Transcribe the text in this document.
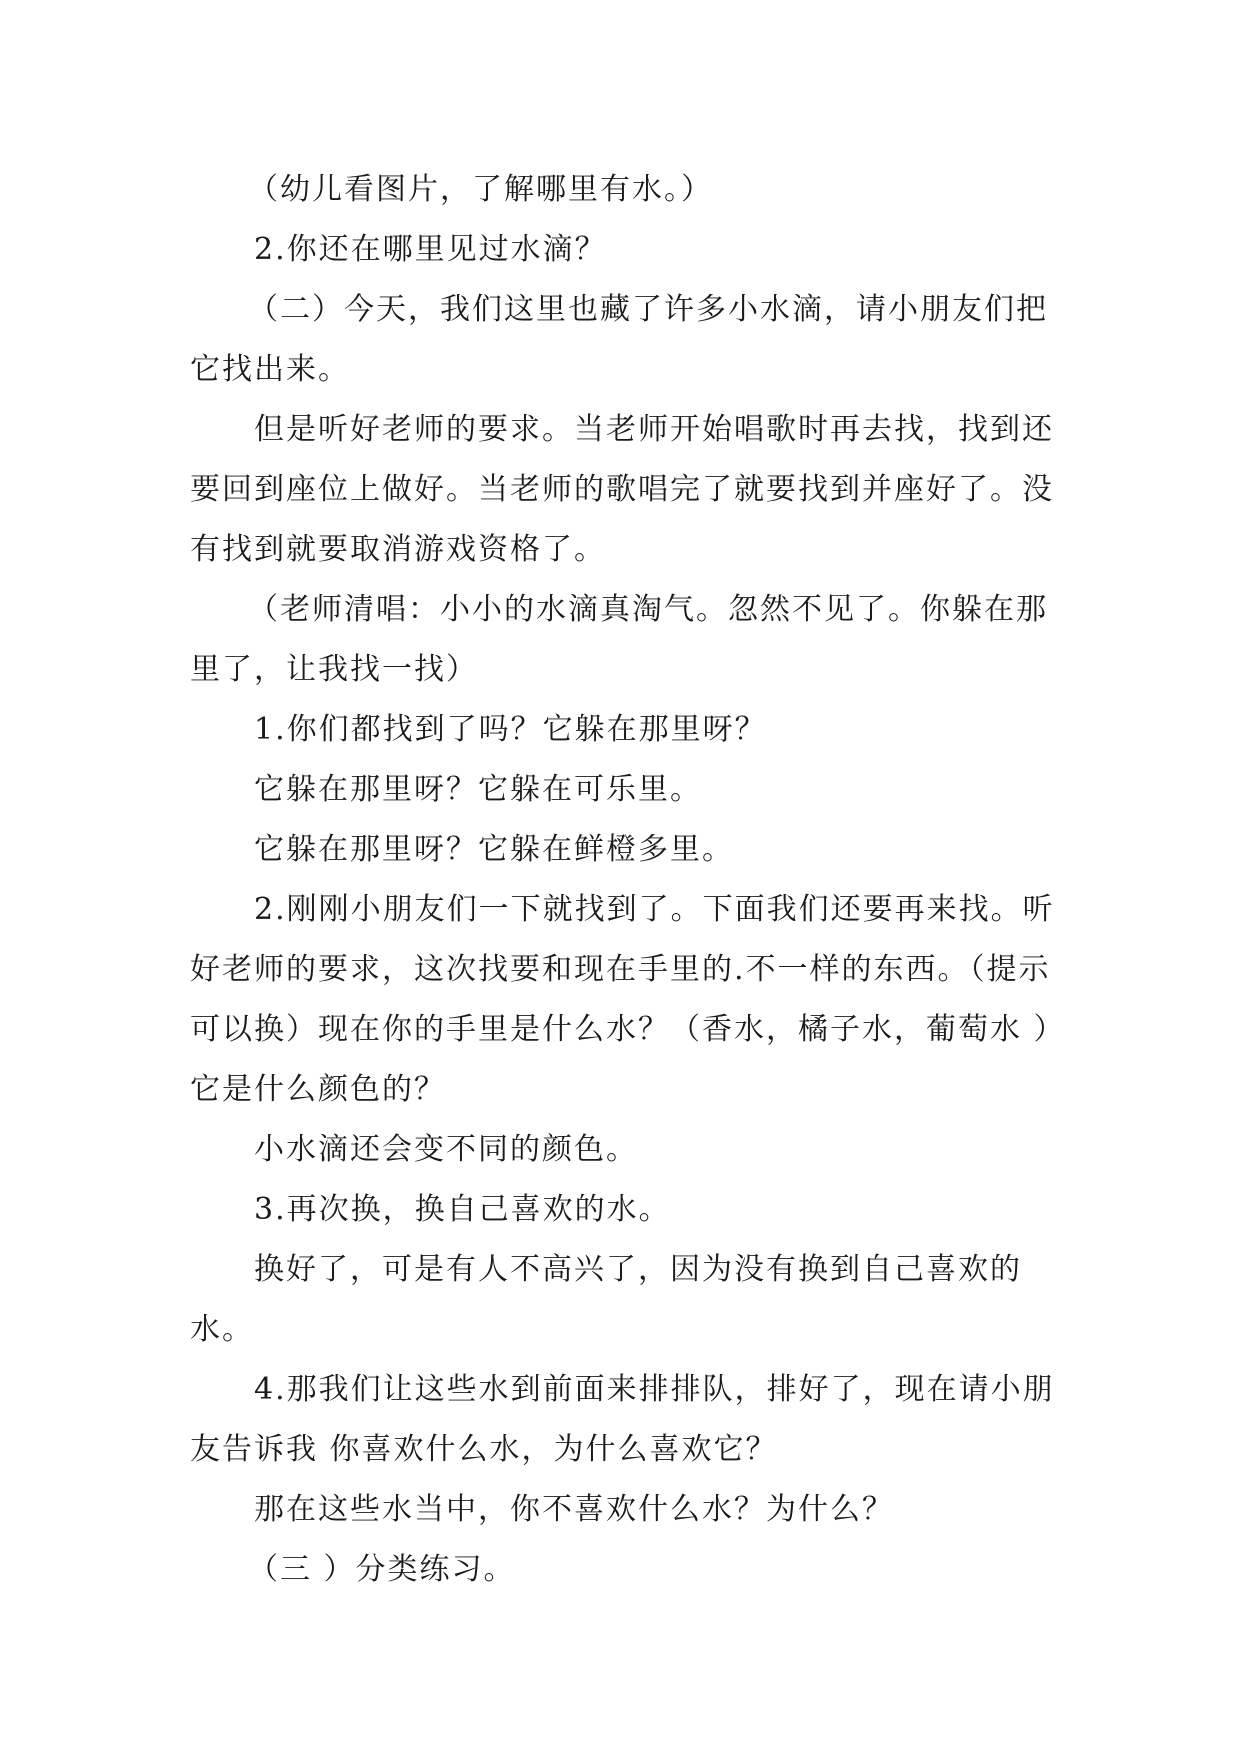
（幼儿看图片，了解哪里有水。）

2.你还在哪里见过水滴？

（二）今天，我们这里也藏了许多小水滴，请小朋友们把它找出来。

但是听好老师的要求。当老师开始唱歌时再去找，找到还要回到座位上做好。当老师的歌唱完了就要找到并座好了。没有找到就要取消游戏资格了。

（老师清唱：小小的水滴真淘气。忽然不见了。你躲在那里了，让我找一找）

1.你们都找到了吗？它躲在那里呀？

它躲在那里呀？它躲在可乐里。

它躲在那里呀？它躲在鲜橙多里。

2.刚刚小朋友们一下就找到了。下面我们还要再来找。听好老师的要求，这次找要和现在手里的.不一样的东西。（提示可以换）现在你的手里是什么水？（香水，橘子水，葡萄水 ）它是什么颜色的？

小水滴还会变不同的颜色。

3.再次换，换自己喜欢的水。

换好了，可是有人不高兴了，因为没有换到自己喜欢的水。

4.那我们让这些水到前面来排排队，排好了，现在请小朋友告诉我 你喜欢什么水，为什么喜欢它？

那在这些水当中，你不喜欢什么水？为什么？

（三 ）分类练习。
